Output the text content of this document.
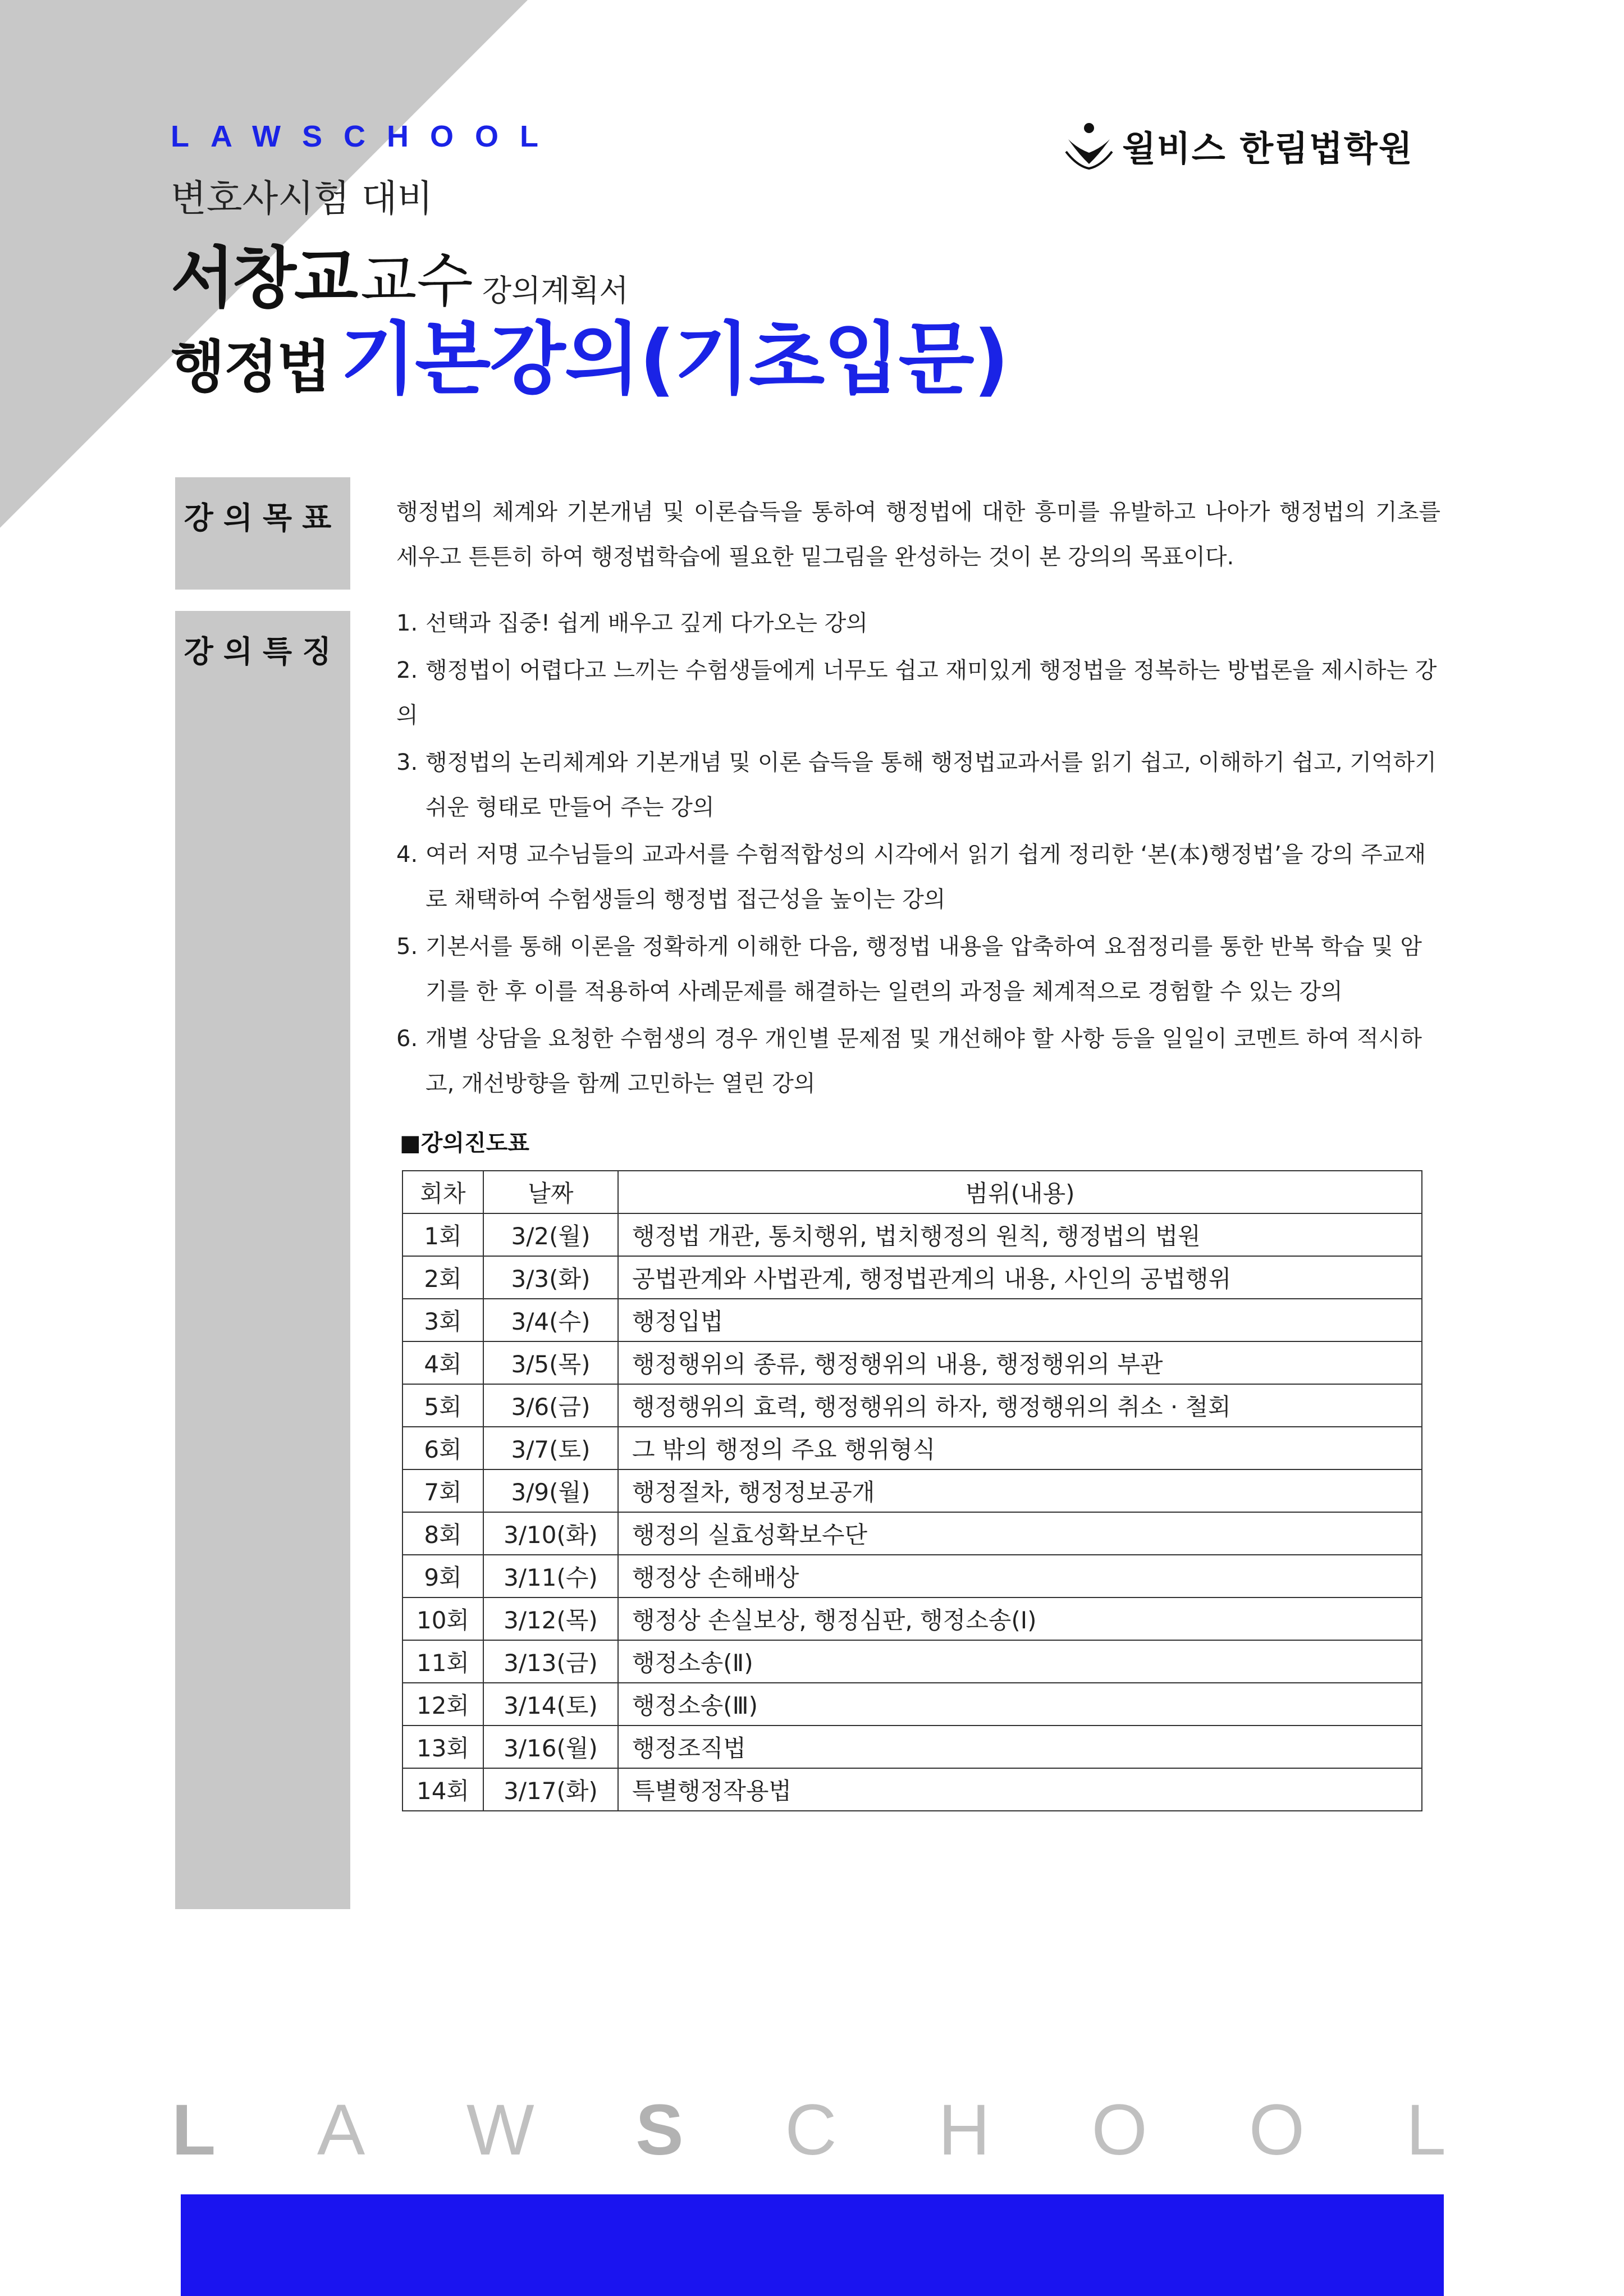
LAWSCHOOL	윌비스 한림법학원
변호사시험 대비
서창교교수 강의계획서
행정법 기본강의(기초입문)
강의목표	행정법의 체계와 기본개념 및 이론습득을 통하여 행정법에 대한 흥미를 유발하고 나아가 행정법의 기초를 세우고 튼튼히 하여 행정법학습에 필요한 밑그림을 완성하는 것이 본 강의의 목표이다.
강의특징
1. 선택과 집중! 쉽게 배우고 깊게 다가오는 강의
2. 행정법이 어렵다고 느끼는 수험생들에게 너무도 쉽고 재미있게 행정법을 정복하는 방법론을 제시하는 강의
3. 행정법의 논리체계와 기본개념 및 이론 습득을 통해 행정법교과서를 읽기 쉽고, 이해하기 쉽고, 기억하기 쉬운 형태로 만들어 주는 강의
4. 여러 저명 교수님들의 교과서를 수험적합성의 시각에서 읽기 쉽게 정리한 ‘본(本)행정법’을 강의 주교재로 채택하여 수험생들의 행정법 접근성을 높이는 강의
5. 기본서를 통해 이론을 정확하게 이해한 다음, 행정법 내용을 압축하여 요점정리를 통한 반복 학습 및 암기를 한 후 이를 적용하여 사례문제를 해결하는 일련의 과정을 체계적으로 경험할 수 있는 강의
6. 개별 상담을 요청한 수험생의 경우 개인별 문제점 및 개선해야 할 사항 등을 일일이 코멘트 하여 적시하고, 개선방향을 함께 고민하는 열린 강의
■강의진도표
회차	날짜	범위(내용)
1회	3/2(월)	행정법 개관, 통치행위, 법치행정의 원칙, 행정법의 법원
2회	3/3(화)	공법관계와 사법관계, 행정법관계의 내용, 사인의 공법행위
3회	3/4(수)	행정입법
4회	3/5(목)	행정행위의 종류, 행정행위의 내용, 행정행위의 부관
5회	3/6(금)	행정행위의 효력, 행정행위의 하자, 행정행위의 취소 · 철회
6회	3/7(토)	그 밖의 행정의 주요 행위형식
7회	3/9(월)	행정절차, 행정정보공개
8회	3/10(화)	행정의 실효성확보수단
9회	3/11(수)	행정상 손해배상
10회	3/12(목)	행정상 손실보상, 행정심판, 행정소송(Ⅰ)
11회	3/13(금)	행정소송(Ⅱ)
12회	3/14(토)	행정소송(Ⅲ)
13회	3/16(월)	행정조직법
14회	3/17(화)	특별행정작용법
L A W S C H O O L
